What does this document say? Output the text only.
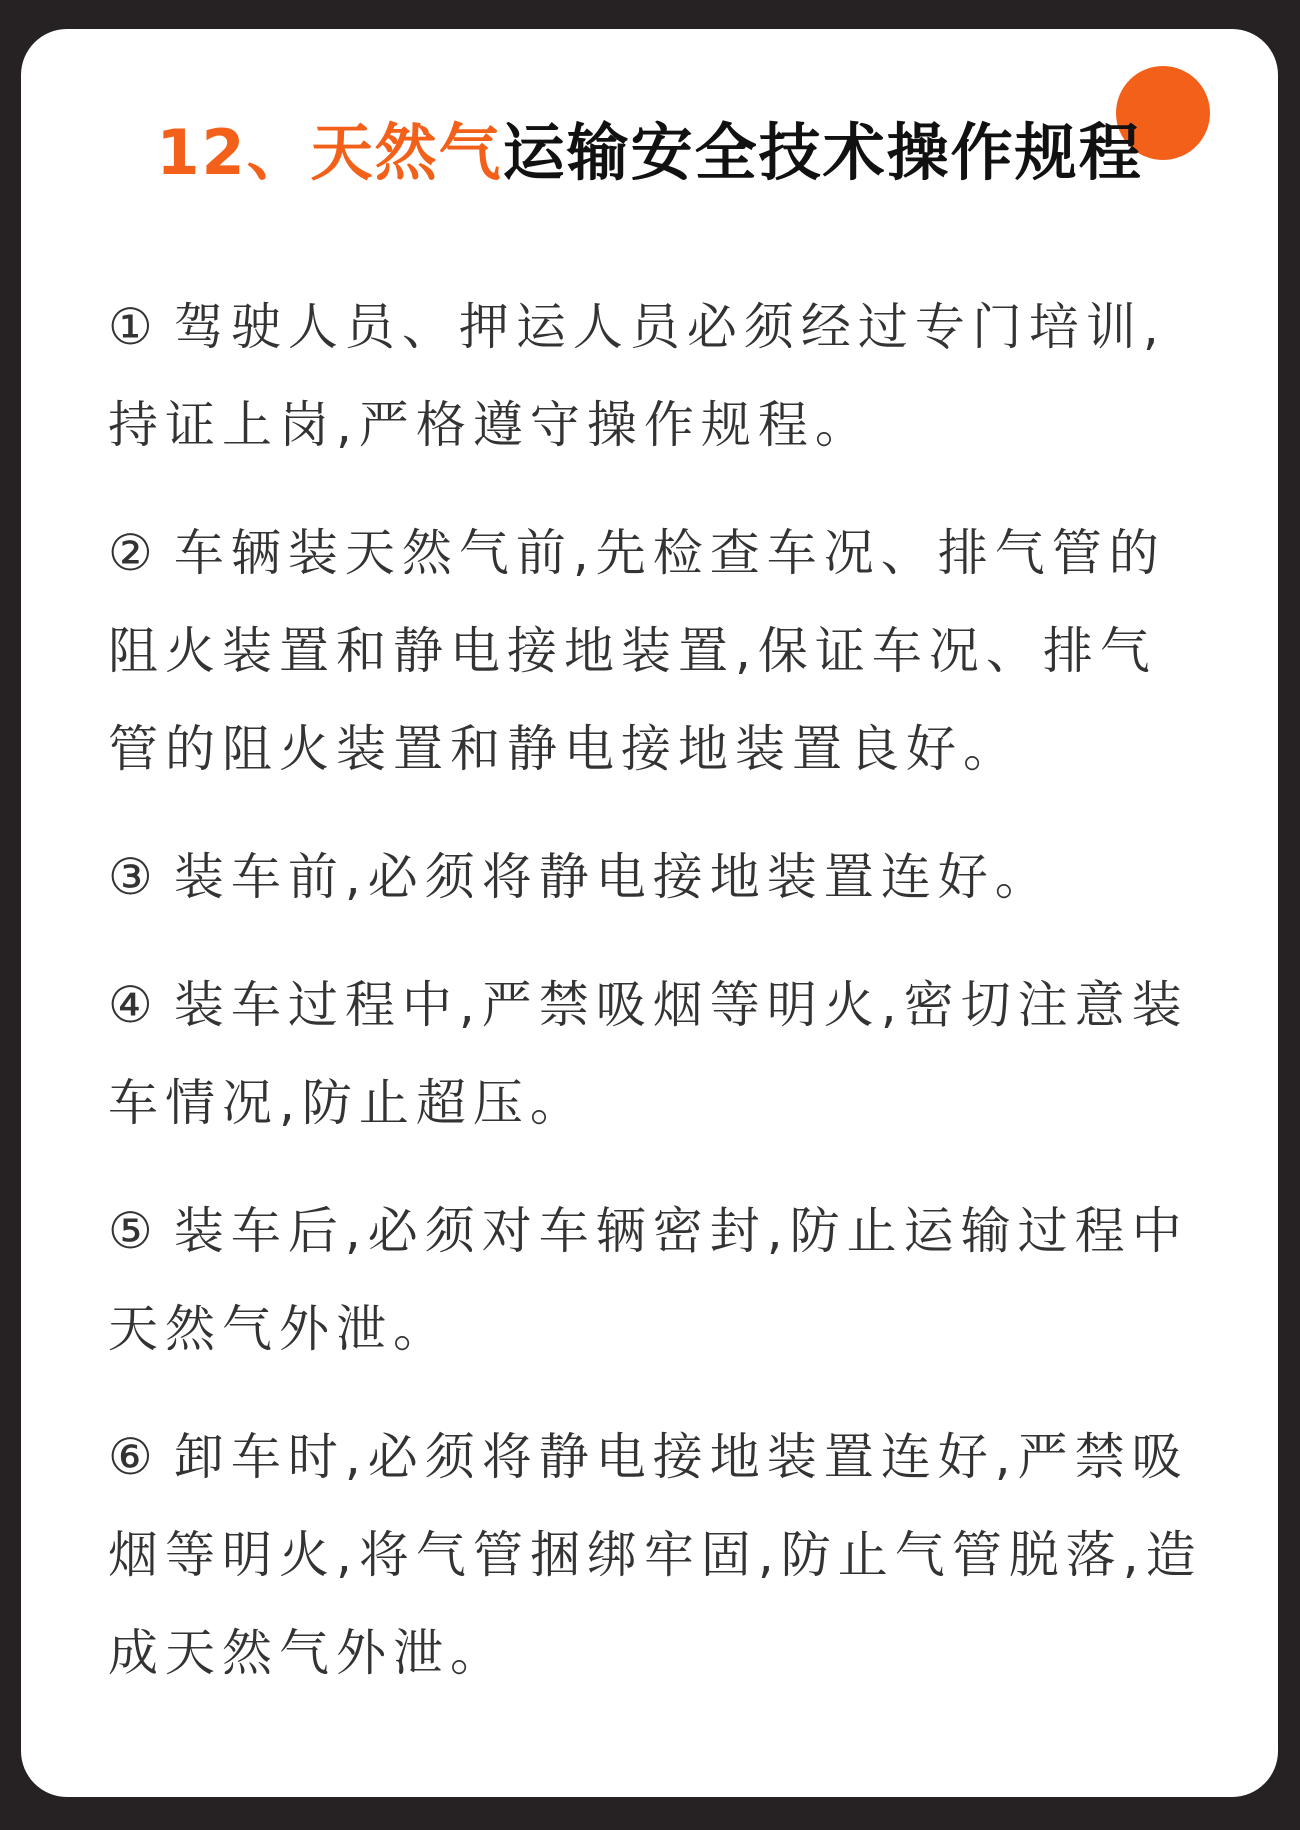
12、天然气运输安全技术操作规程
① 驾驶人员、押运人员必须经过专门培训,
持证上岗,严格遵守操作规程。
② 车辆装天然气前,先检查车况、排气管的
阻火装置和静电接地装置,保证车况、排气
管的阻火装置和静电接地装置良好。
③ 装车前,必须将静电接地装置连好。
④ 装车过程中,严禁吸烟等明火,密切注意装
车情况,防止超压。
⑤ 装车后,必须对车辆密封,防止运输过程中
天然气外泄。
⑥ 卸车时,必须将静电接地装置连好,严禁吸
烟等明火,将气管捆绑牢固,防止气管脱落,造
成天然气外泄。
